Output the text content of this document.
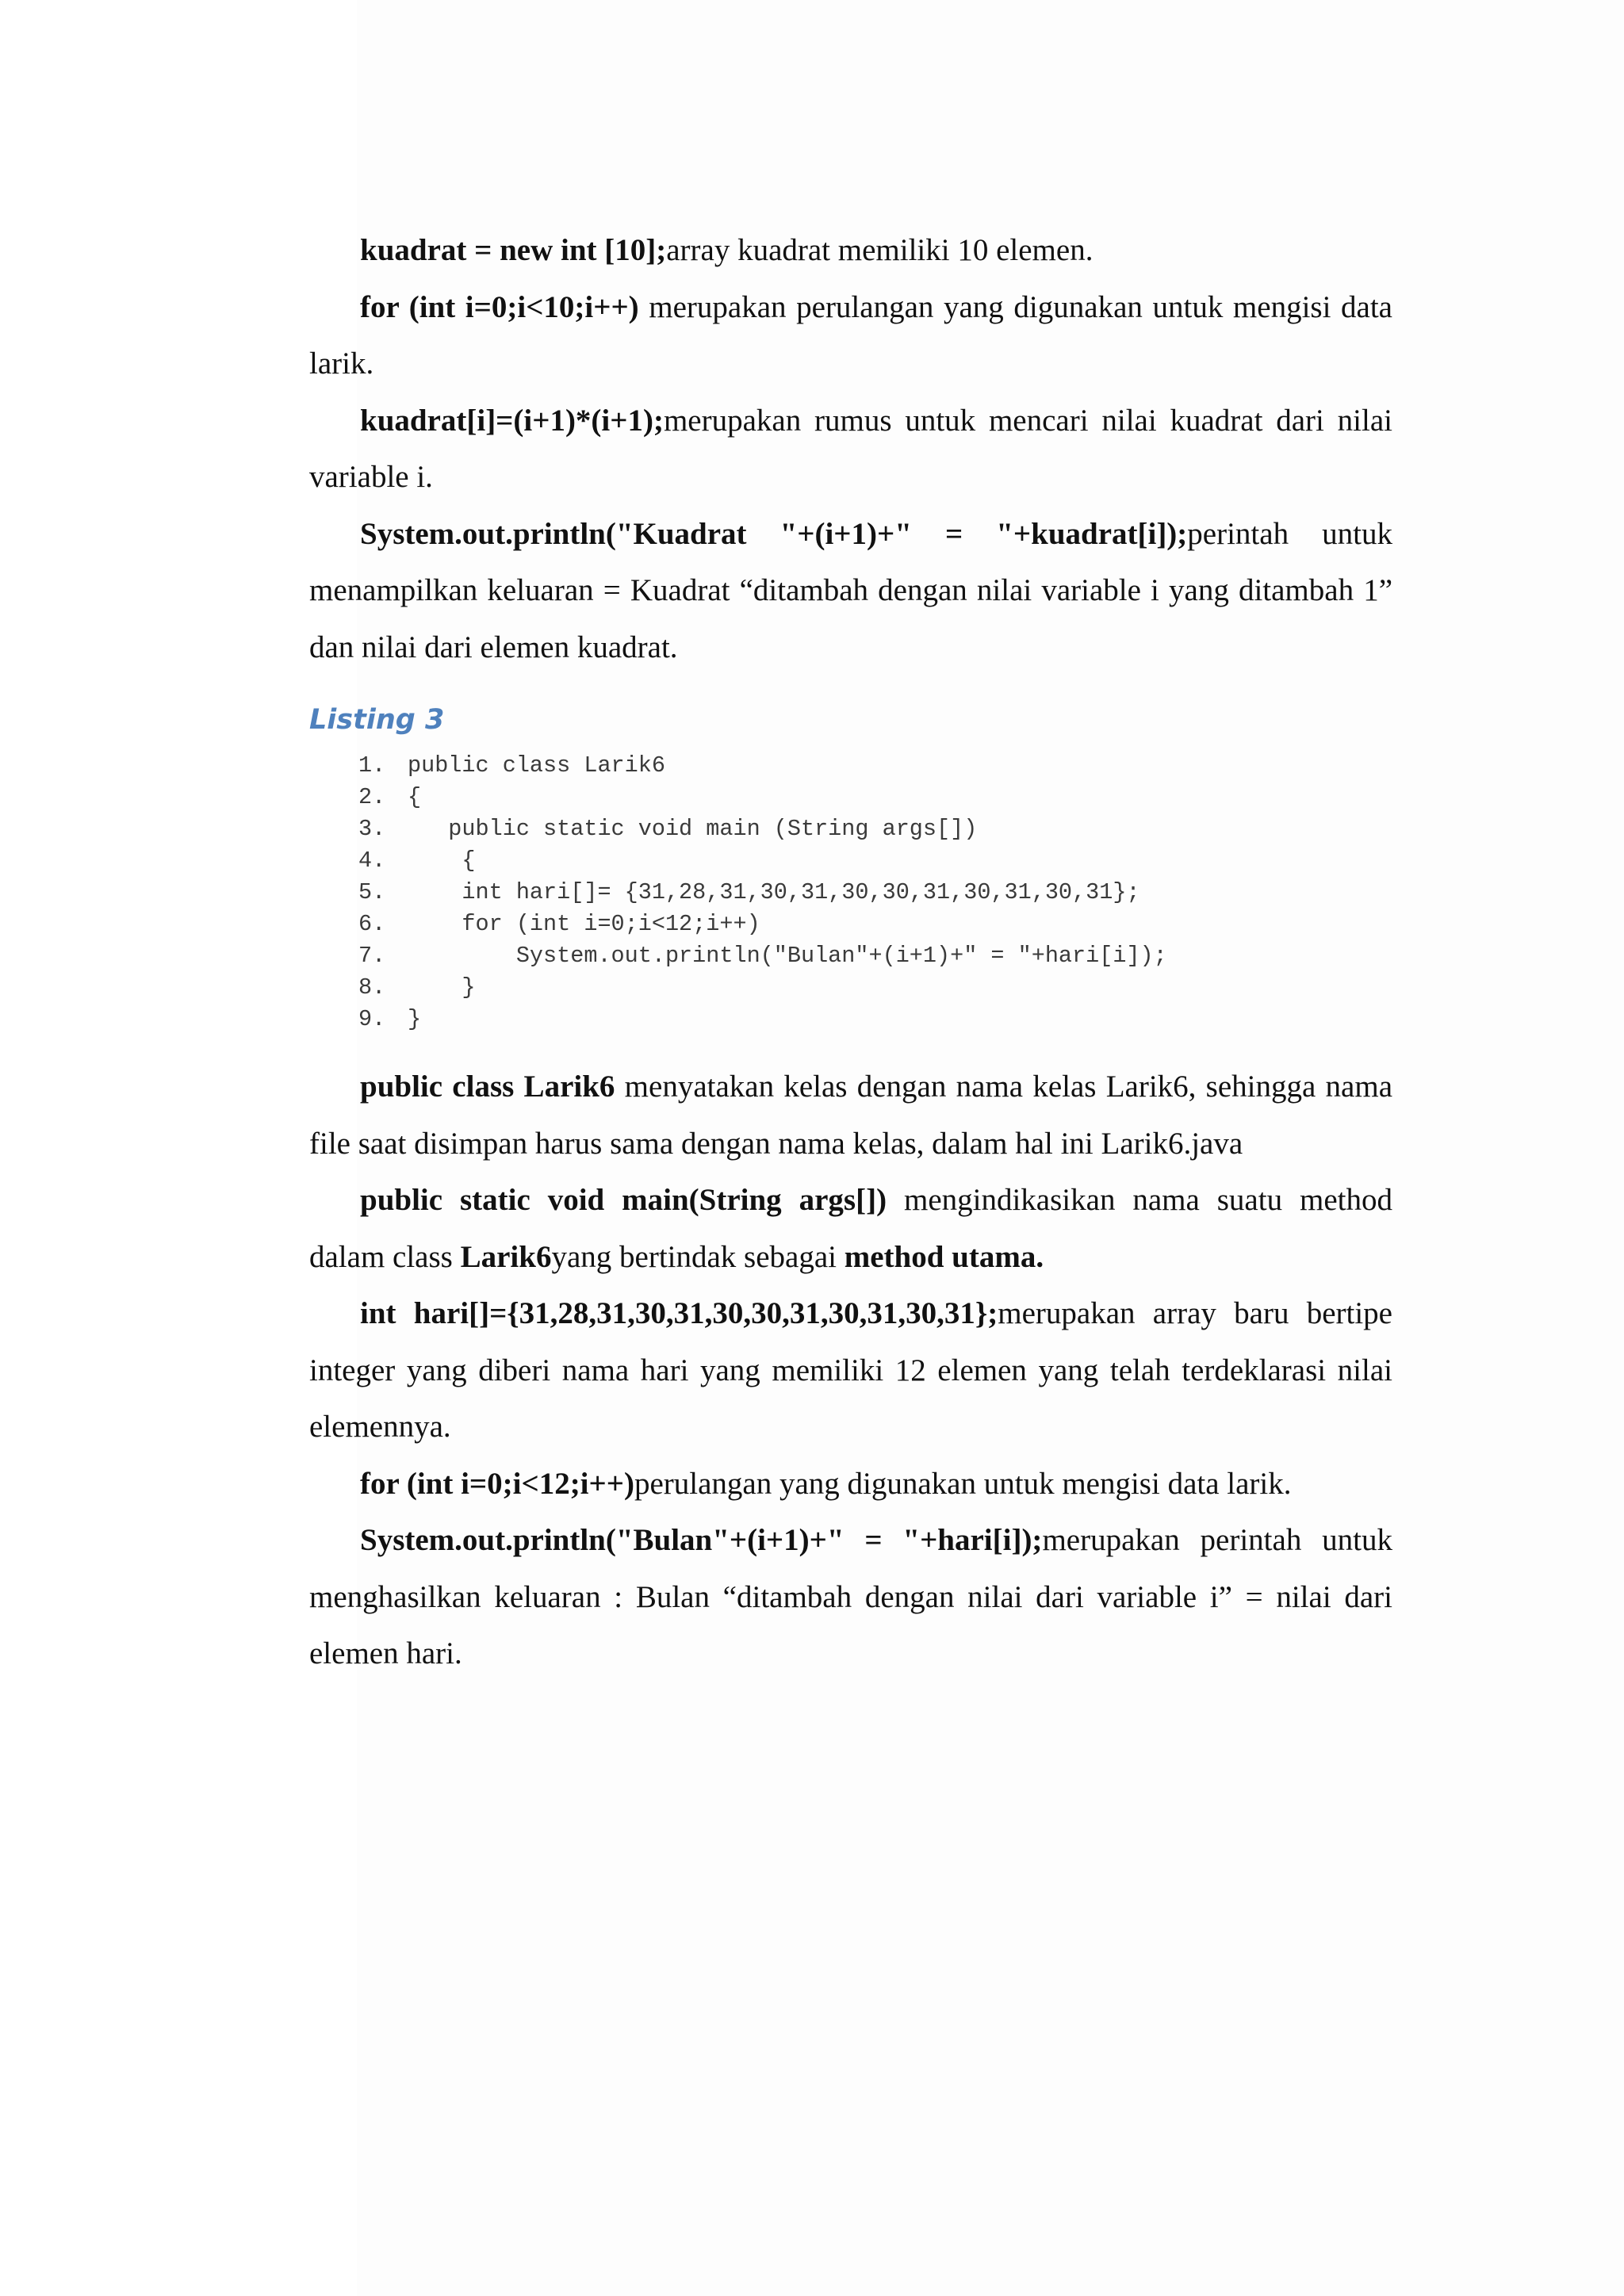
kuadrat = new int [10];array kuadrat memiliki 10 elemen.

for (int i=0;i<10;i++) merupakan perulangan yang digunakan untuk mengisi data larik.

kuadrat[i]=(i+1)*(i+1);merupakan rumus untuk mencari nilai kuadrat dari nilai variable i.

System.out.println("Kuadrat "+(i+1)+" = "+kuadrat[i]);perintah untuk menampilkan keluaran = Kuadrat “ditambah dengan nilai variable i yang ditambah 1” dan nilai dari elemen kuadrat.

Listing 3
1. public class Larik6
2. {
3.   public static void main (String args[])
4.    {
5.    int hari[]= {31,28,31,30,31,30,30,31,30,31,30,31};
6.    for (int i=0;i<12;i++)
7.        System.out.println("Bulan"+(i+1)+" = "+hari[i]);
8.    }
9. }

public class Larik6 menyatakan kelas dengan nama kelas Larik6, sehingga nama file saat disimpan harus sama dengan nama kelas, dalam hal ini Larik6.java

public static void main(String args[]) mengindikasikan nama suatu method dalam class Larik6yang bertindak sebagai method utama.

int hari[]={31,28,31,30,31,30,30,31,30,31,30,31};merupakan array baru bertipe integer yang diberi nama hari yang memiliki 12 elemen yang telah terdeklarasi nilai elemennya.

for (int i=0;i<12;i++)perulangan yang digunakan untuk mengisi data larik.

System.out.println("Bulan"+(i+1)+" = "+hari[i]);merupakan perintah untuk menghasilkan keluaran : Bulan “ditambah dengan nilai dari variable i” = nilai dari elemen hari.
